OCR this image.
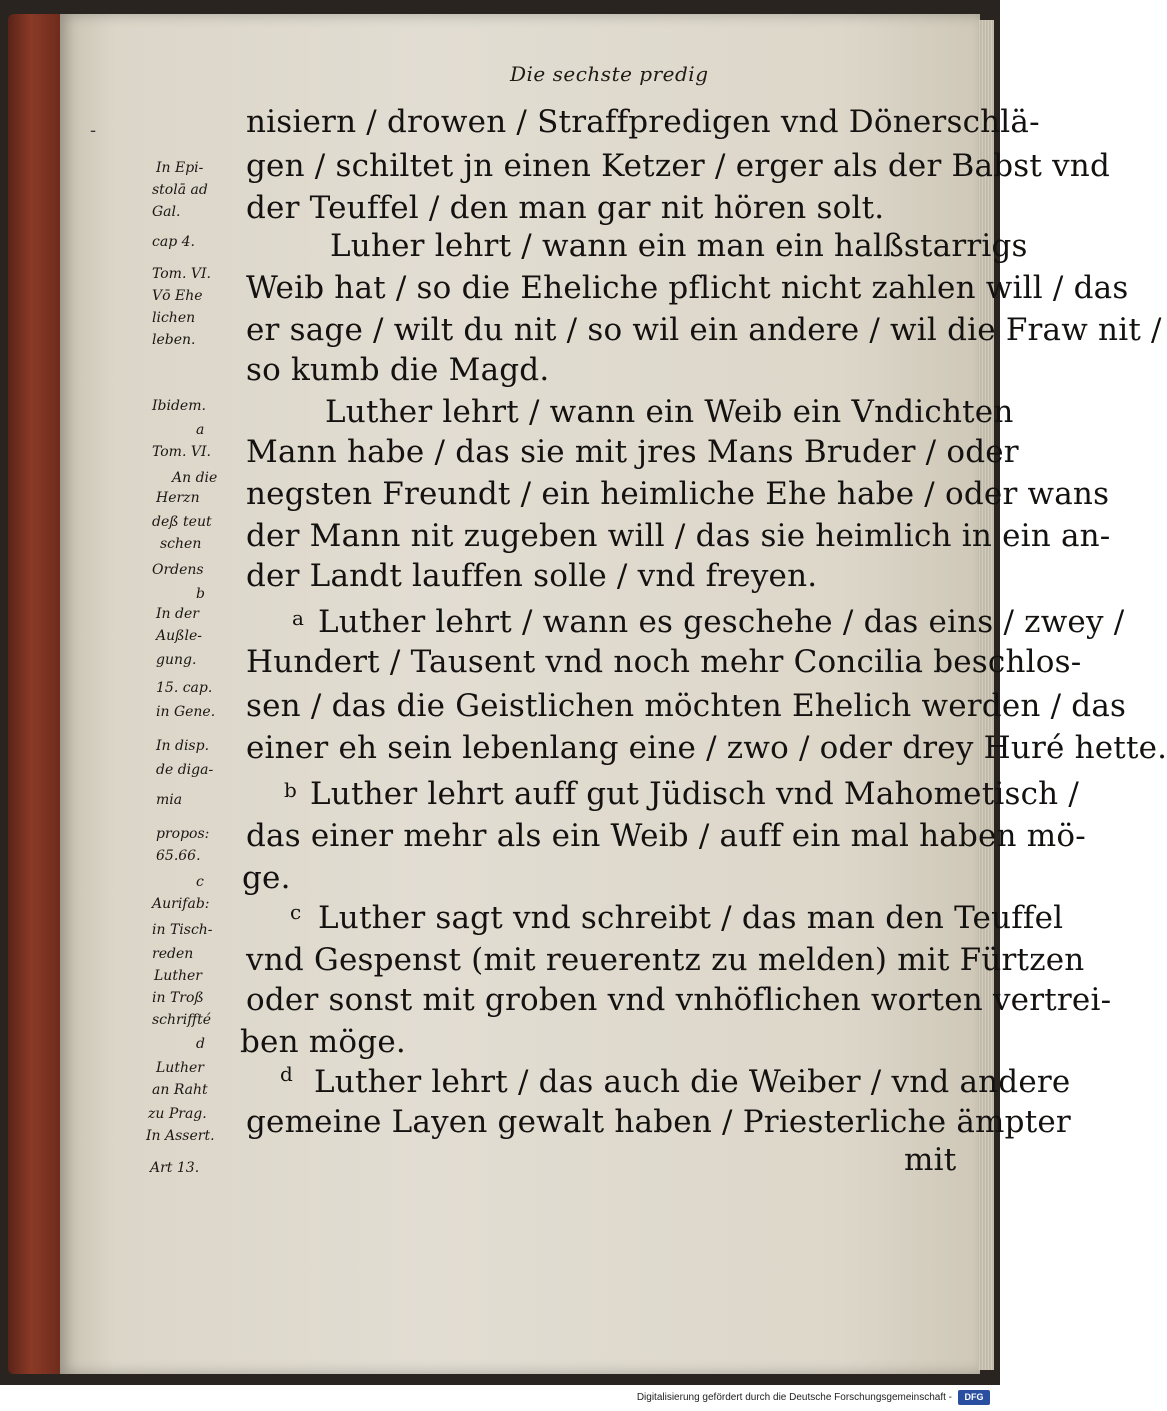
Die sechste predig
-	nisiern / drowen / Straffpredigen vnd Dönerschlä-
gen / schiltet jn einen Ketzer / erger als der Babst vnd
der Teuffel / den man gar nit hören solt.
Luher lehrt / wann ein man ein halßstarrigs
Weib hat / so die Eheliche pflicht nicht zahlen will / das
er sage / wilt du nit / so wil ein andere / wil die Fraw nit /
so kumb die Magd.
Luther lehrt / wann ein Weib ein Vndichten
Mann habe / das sie mit jres Mans Bruder / oder
negsten Freundt / ein heimliche Ehe habe / oder wans
der Mann nit zugeben will / das sie heimlich in ein an-
der Landt lauffen solle / vnd freyen.
Luther lehrt / wann es geschehe / das eins / zwey /
Hundert / Tausent vnd noch mehr Concilia beschlos-
sen / das die Geistlichen möchten Ehelich werden / das
einer eh sein lebenlang eine / zwo / oder drey Huré hette.
Luther lehrt auff gut Jüdisch vnd Mahometisch /
das einer mehr als ein Weib / auff ein mal haben mö-
ge.
Luther sagt vnd schreibt / das man den Teuffel
vnd Gespenst (mit reuerentz zu melden) mit Fürtzen
oder sonst mit groben vnd vnhöflichen worten vertrei-
ben möge.
Luther lehrt / das auch die Weiber / vnd andere
gemeine Layen gewalt haben / Priesterliche ämpter
mit
a
b
c
d
In Epi-
stolā ad
Gal.
cap 4.
Tom. VI.
Vō Ehe
lichen
leben.
Ibidem.
a
Tom. VI.
An die
Herzn
deß teut
schen
Ordens
b
In der
Außle-
gung.
15. cap.
in Gene.
In disp.
de diga-
mia
propos:
65.66.
c
Aurifab:
in Tisch-
reden
Luther
in Troß
schriffté
d
Luther
an Raht
zu Prag.
In Assert.
Art 13.
Digitalisierung gefördert durch die Deutsche Forschungsgemeinschaft -	DFG
